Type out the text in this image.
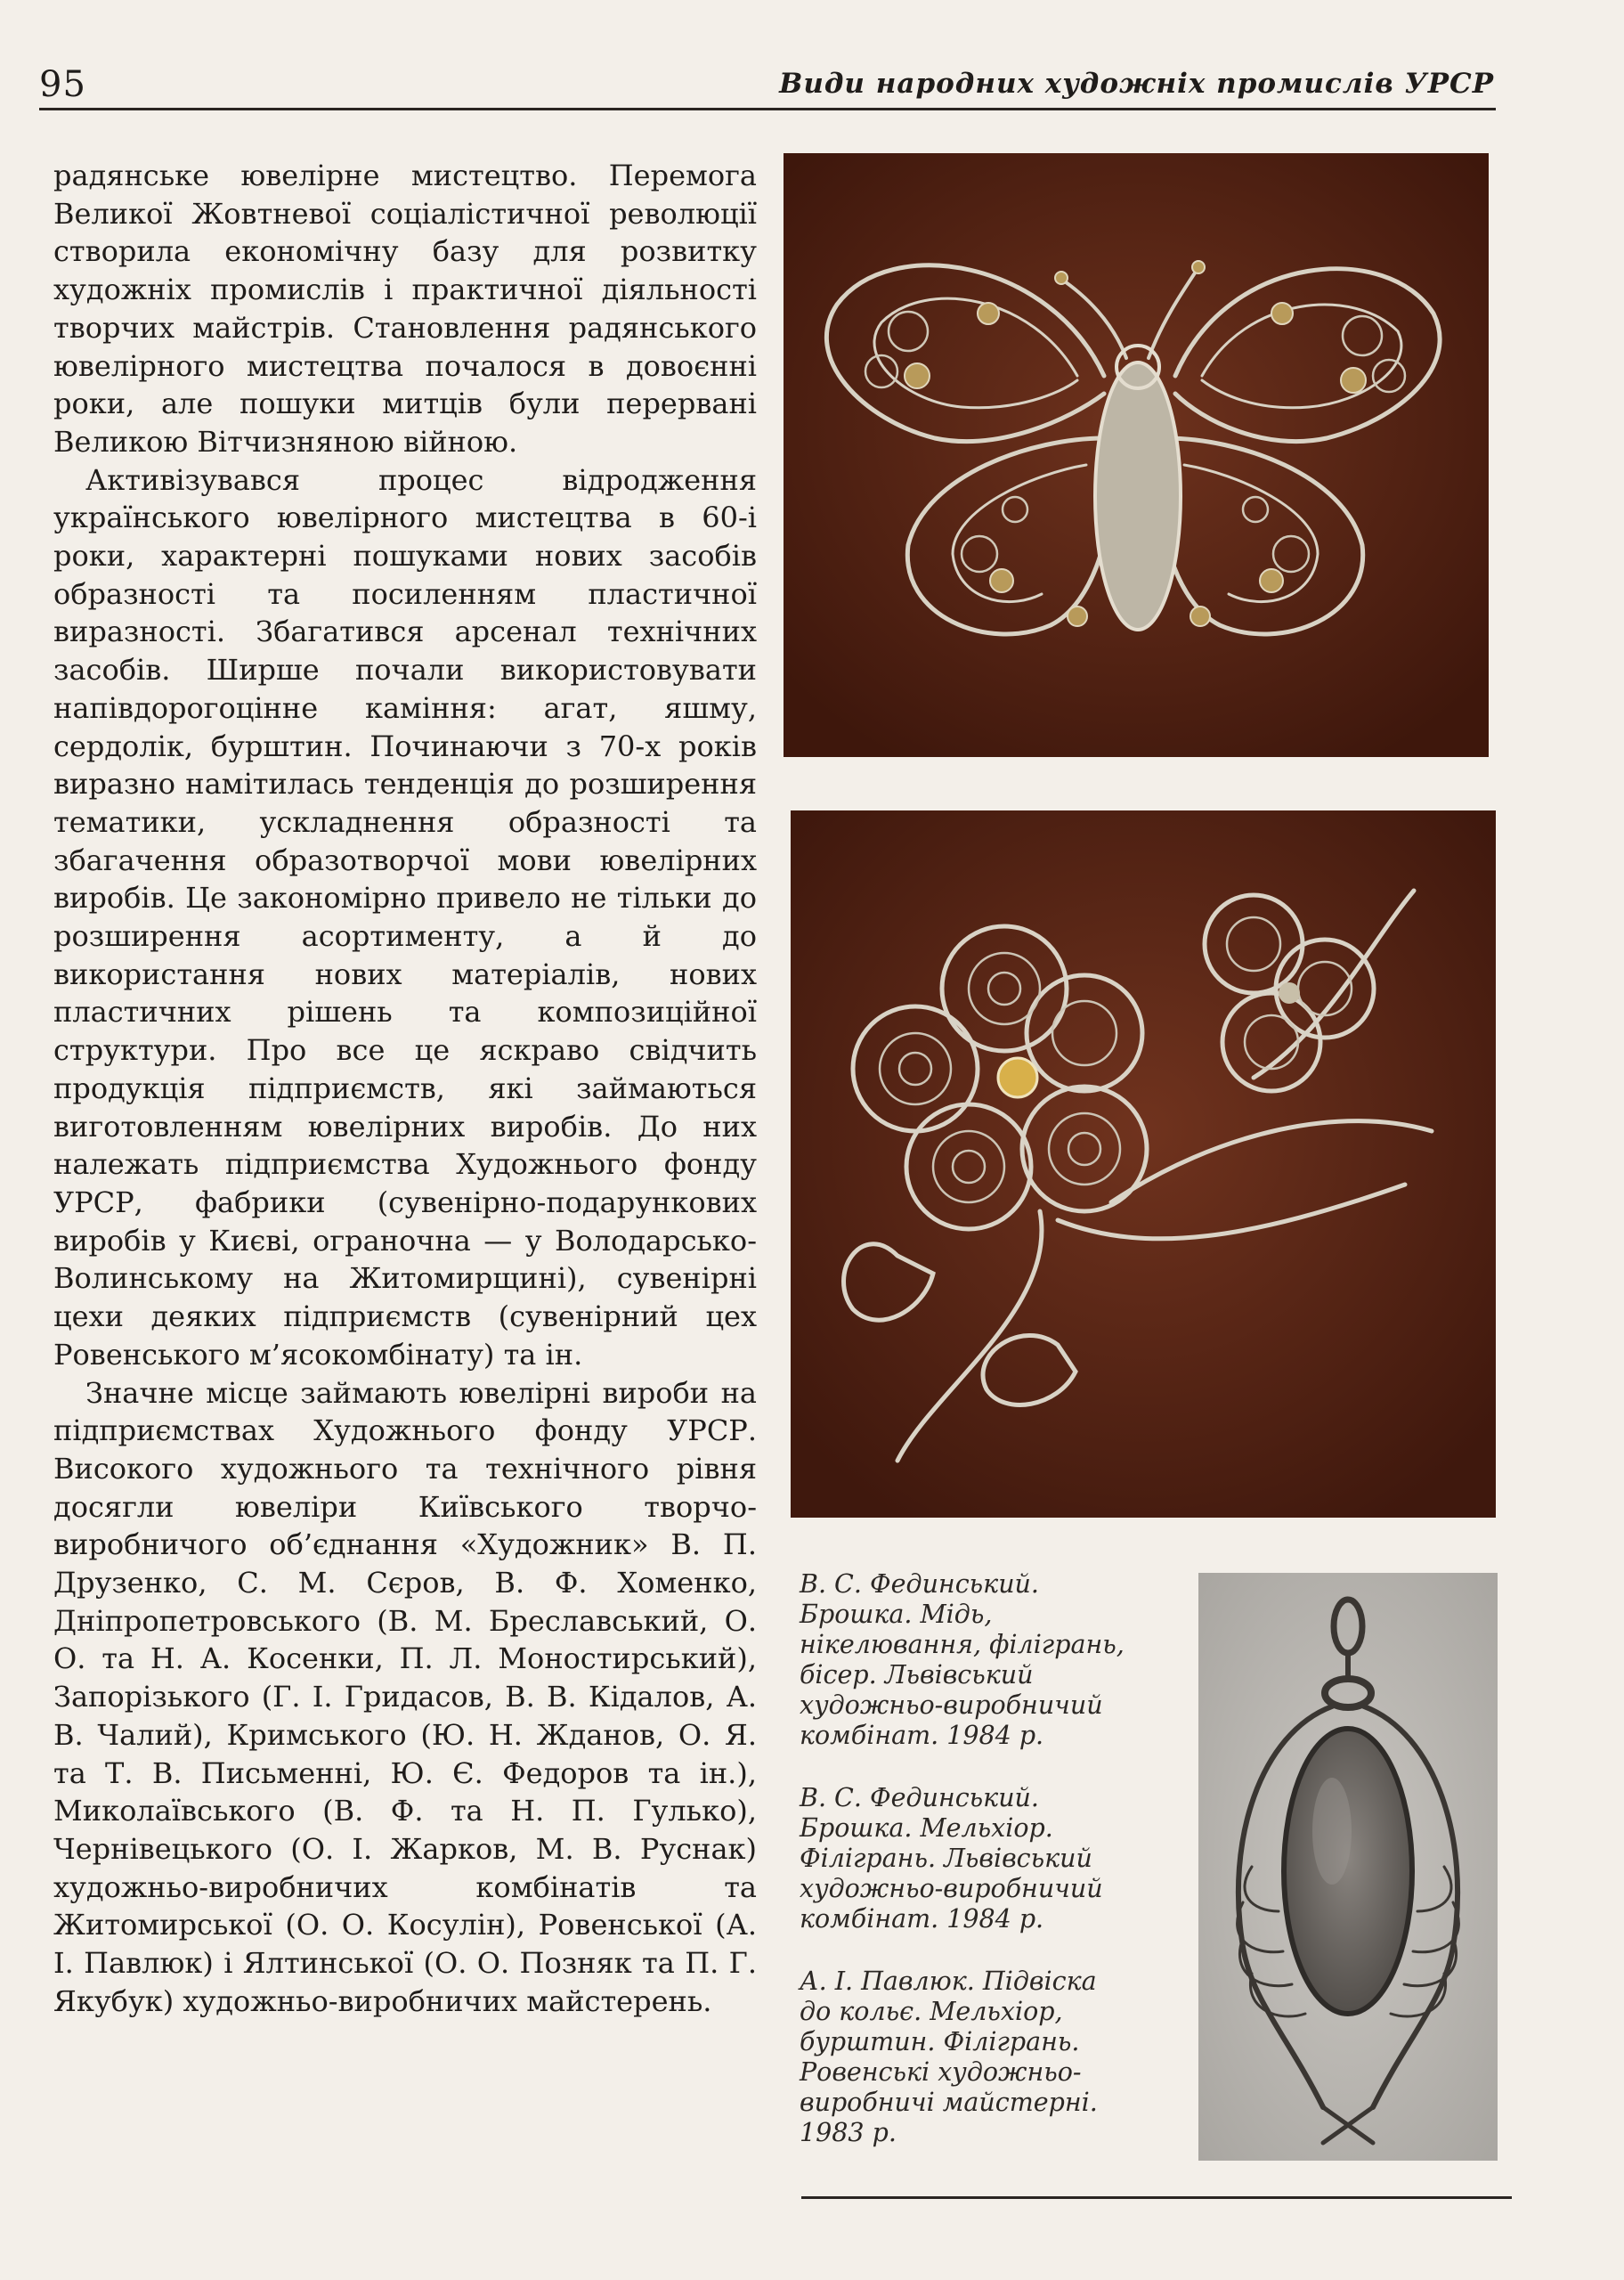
95	Види народних художніх промислів УРСР

радянське ювелірне мистецтво. Перемога Великої Жовтневої соціалістичної революції створила економічну базу для розвитку художніх промислів і практичної діяльності творчих майстрів. Становлення радянського ювелірного мистецтва почалося в довоєнні роки, але пошуки митців були перервані Великою Вітчизняною війною.

Активізувався процес відродження українського ювелірного мистецтва в 60-і роки, характерні пошуками нових засобів образності та посиленням пластичної виразності. Збагатився арсенал технічних засобів. Ширше почали використовувати напівдорогоцінне каміння: агат, яшму, сердолік, бурштин. Починаючи з 70-х років виразно намітилась тенденція до розширення тематики, ускладнення образності та збагачення образотворчої мови ювелірних виробів. Це закономірно привело не тільки до розширення асортименту, а й до використання нових матеріалів, нових пластичних рішень та композиційної структури. Про все це яскраво свідчить продукція підприємств, які займаються виготовленням ювелірних виробів. До них належать підприємства Художнього фонду УРСР, фабрики (сувенірно-подарункових виробів у Києві, ограночна — у Володарсько-Волинському на Житомирщині), сувенірні цехи деяких підприємств (сувенірний цех Ровенського м’ясокомбінату) та ін.

Значне місце займають ювелірні вироби на підприємствах Художнього фонду УРСР. Високого художнього та технічного рівня досягли ювеліри Київського творчо-виробничого об’єднання «Художник» В. П. Друзенко, С. М. Сєров, В. Ф. Хоменко, Дніпропетровського (В. М. Бреславський, О. О. та Н. А. Косенки, П. Л. Моностирський), Запорізького (Г. І. Гридасов, В. В. Кідалов, А. В. Чалий), Кримського (Ю. Н. Жданов, О. Я. та Т. В. Письменні, Ю. Є. Федоров та ін.), Миколаївського (В. Ф. та Н. П. Гулько), Чернівецького (О. І. Жарков, М. В. Руснак) художньо-виробничих комбінатів та Житомирської (О. О. Косулін), Ровенської (А. І. Павлюк) і Ялтинської (О. О. Позняк та П. Г. Якубук) художньо-виробничих майстерень.

В. С. Фединський.
Брошка. Мідь,
нікелювання, філігрань,
бісер. Львівський
художньо-виробничий
комбінат. 1984 р.
В. С. Фединський.
Брошка. Мельхіор.
Філігрань. Львівський
художньо-виробничий
комбінат. 1984 р.
А. І. Павлюк. Підвіска
до кольє. Мельхіор,
бурштин. Філігрань.
Ровенські художньо-
виробничі майстерні.
1983 р.
